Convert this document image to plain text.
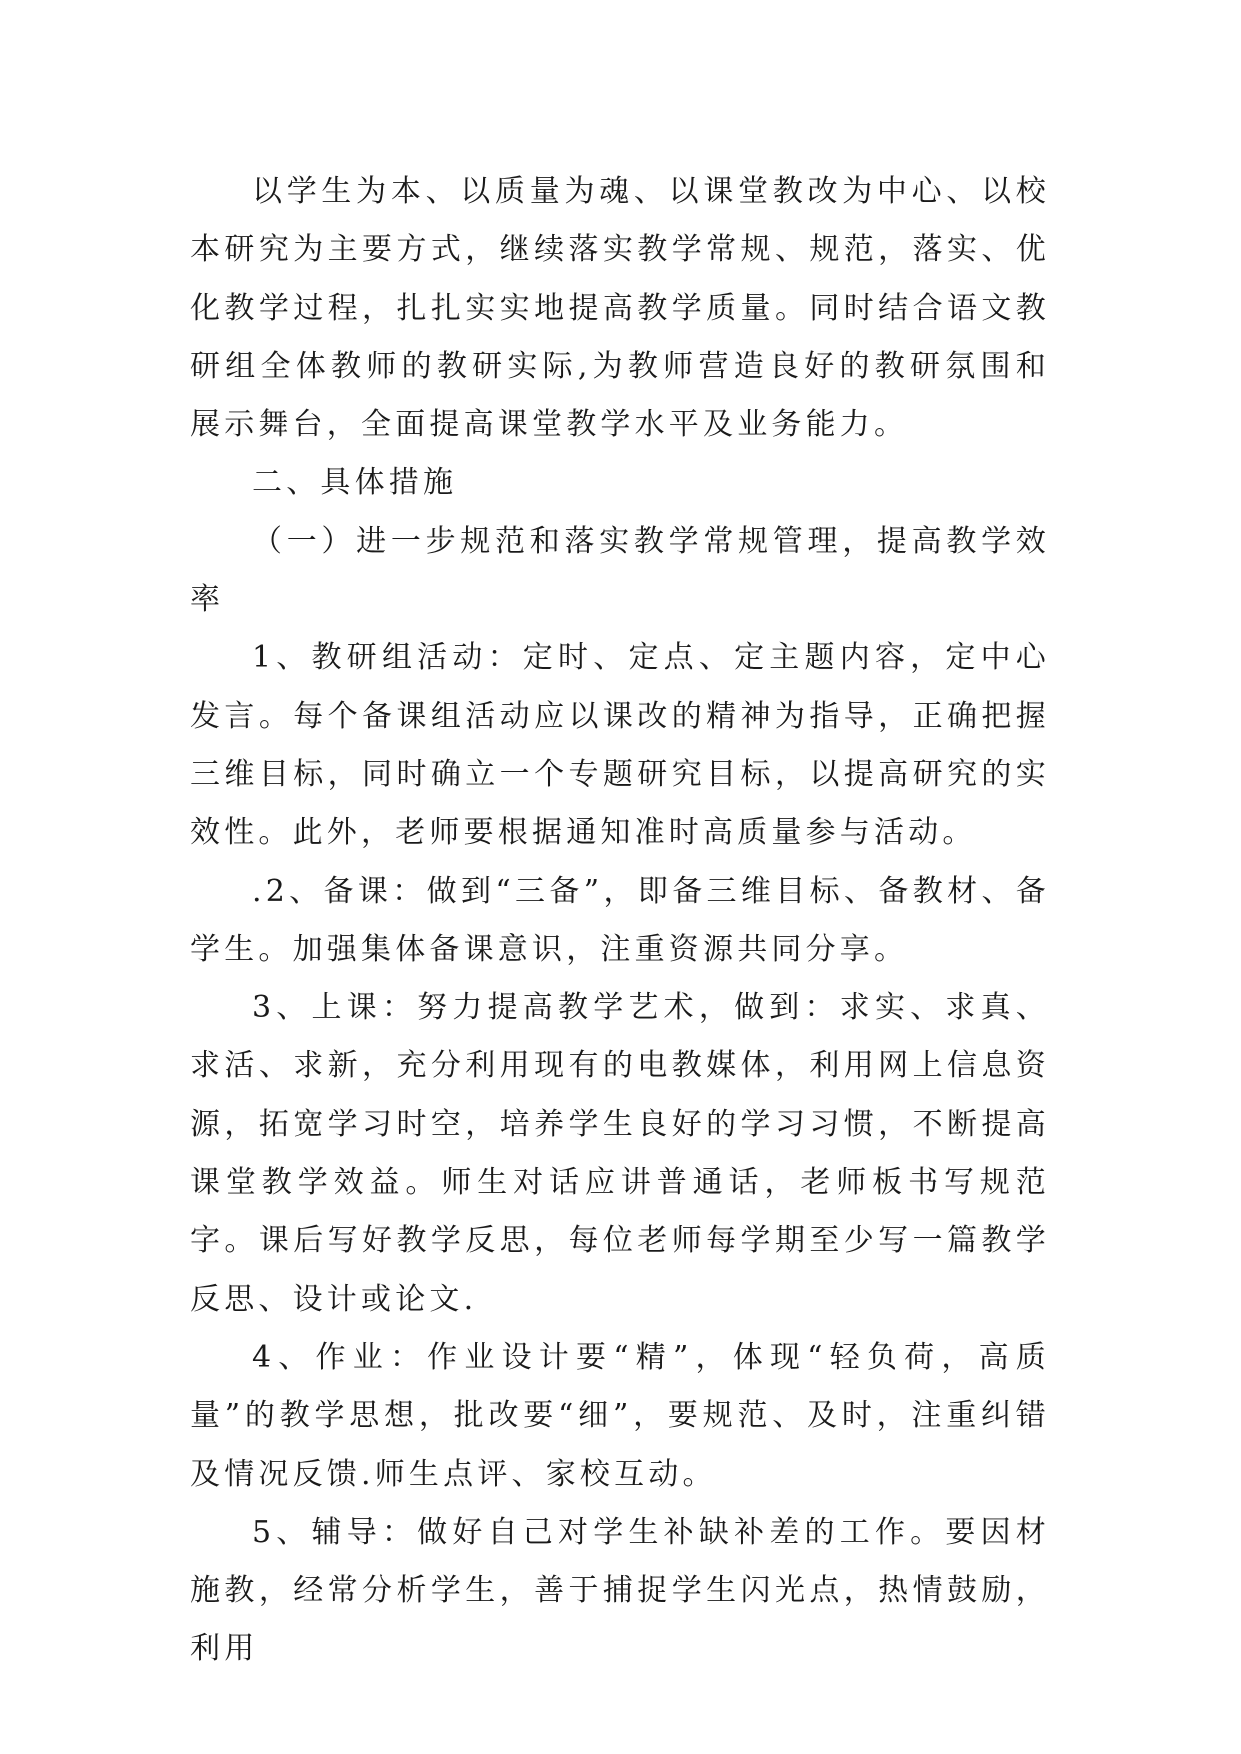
以学生为本、以质量为魂、以课堂教改为中心、以校本研究为主要方式，继续落实教学常规、规范，落实、优化教学过程，扎扎实实地提高教学质量。同时结合语文教研组全体教师的教研实际,为教师营造良好的教研氛围和展示舞台，全面提高课堂教学水平及业务能力。

二、具体措施

（一）进一步规范和落实教学常规管理，提高教学效率

1、教研组活动：定时、定点、定主题内容，定中心发言。每个备课组活动应以课改的精神为指导，正确把握三维目标，同时确立一个专题研究目标，以提高研究的实效性。此外，老师要根据通知准时高质量参与活动。

.2、备课：做到“三备”，即备三维目标、备教材、备学生。加强集体备课意识，注重资源共同分享。

3、上课：努力提高教学艺术，做到：求实、求真、求活、求新，充分利用现有的电教媒体，利用网上信息资源，拓宽学习时空，培养学生良好的学习习惯，不断提高课堂教学效益。师生对话应讲普通话，老师板书写规范字。课后写好教学反思，每位老师每学期至少写一篇教学反思、设计或论文.

4、作业：作业设计要“精”，体现“轻负荷，高质量”的教学思想，批改要“细”，要规范、及时，注重纠错及情况反馈.师生点评、家校互动。

5、辅导：做好自己对学生补缺补差的工作。要因材施教，经常分析学生，善于捕捉学生闪光点，热情鼓励，利用
